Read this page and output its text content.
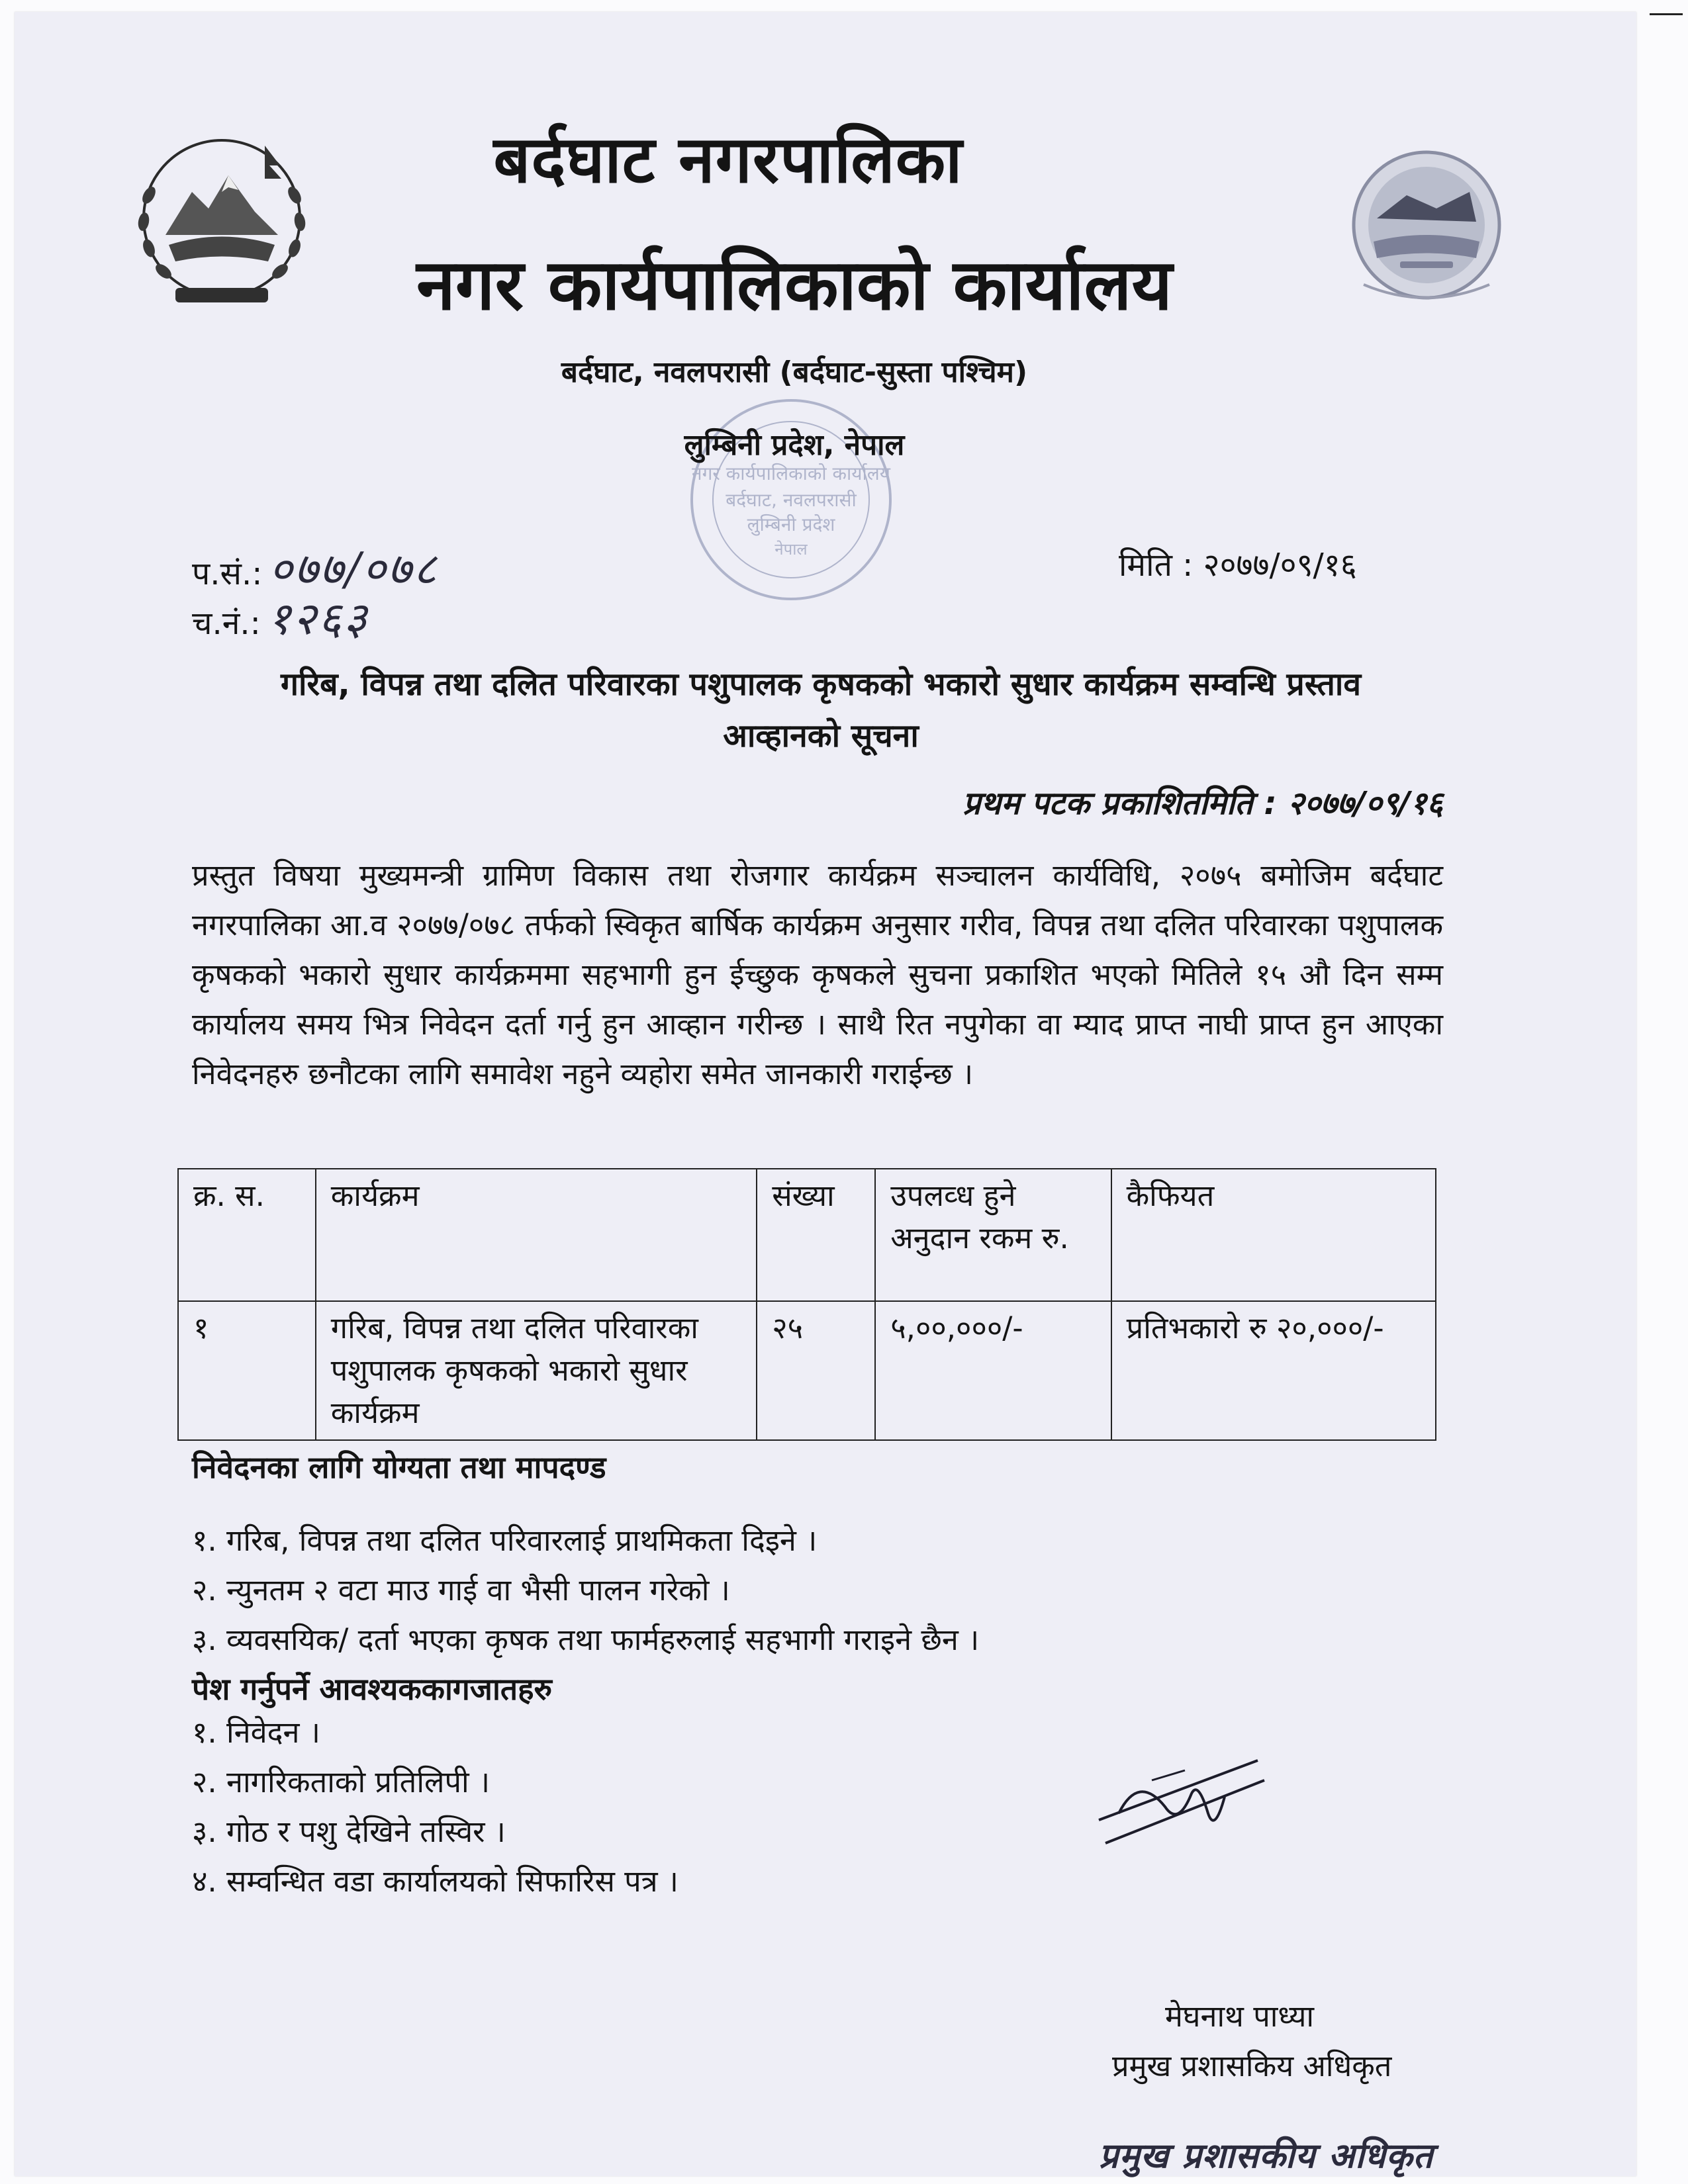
नगर कार्यपालिकाको कार्यालय
बर्दघाट, नवलपरासी
लुम्बिनी प्रदेश
नेपाल
बर्दघाट नगरपालिका
नगर कार्यपालिकाको कार्यालय
बर्दघाट, नवलपरासी (बर्दघाट-सुस्ता पश्चिम)
लुम्बिनी प्रदेश, नेपाल
प.सं.: ०७७/०७८
च.नं.: १२६३
मिति : २०७७/०९/१६
गरिब, विपन्न तथा दलित परिवारका पशुपालक कृषकको भकारो सुधार कार्यक्रम सम्वन्धि प्रस्ताव
आव्हानको सूचना
प्रथम पटक प्रकाशितमिति : २०७७/०९/१६
प्रस्तुत विषया मुख्यमन्त्री ग्रामिण विकास तथा रोजगार कार्यक्रम सञ्चालन कार्यविधि, २०७५ बमोजिम बर्दघाट नगरपालिका आ.व २०७७/०७८ तर्फको स्विकृत बार्षिक कार्यक्रम अनुसार गरीव, विपन्न तथा दलित परिवारका पशुपालक कृषकको भकारो सुधार कार्यक्रममा सहभागी हुन ईच्छुक कृषकले सुचना प्रकाशित भएको मितिले १५ औ दिन सम्म कार्यालय समय भित्र निवेदन दर्ता गर्नु हुन आव्हान गरीन्छ । साथै रित नपुगेका वा म्याद प्राप्त नाघी प्राप्त हुन आएका निवेदनहरु छनौटका लागि समावेश नहुने व्यहोरा समेत जानकारी गराईन्छ ।
क्र. स.	कार्यक्रम	संख्या	उपलव्ध हुने अनुदान रकम रु.	कैफियत
१	गरिब, विपन्न तथा दलित परिवारका पशुपालक कृषकको भकारो सुधार कार्यक्रम	२५	५,००,०००/-	प्रतिभकारो रु २०,०००/-
निवेदनका लागि योग्यता तथा मापदण्ड
१. गरिब, विपन्न तथा दलित परिवारलाई प्राथमिकता दिइने ।
२. न्युनतम २ वटा माउ गाई वा भैसी पालन गरेको ।
३. व्यवसयिक/ दर्ता भएका कृषक तथा फार्महरुलाई सहभागी गराइने छैन ।
पेश गर्नुपर्ने आवश्यककागजातहरु
१. निवेदन ।
२. नागरिकताको प्रतिलिपी ।
३. गोठ र पशु देखिने तस्विर ।
४. सम्वन्धित वडा कार्यालयको सिफारिस पत्र ।
मेघनाथ पाध्या
प्रमुख प्रशासकिय अधिकृत
प्रमुख प्रशासकीय अधिकृत
